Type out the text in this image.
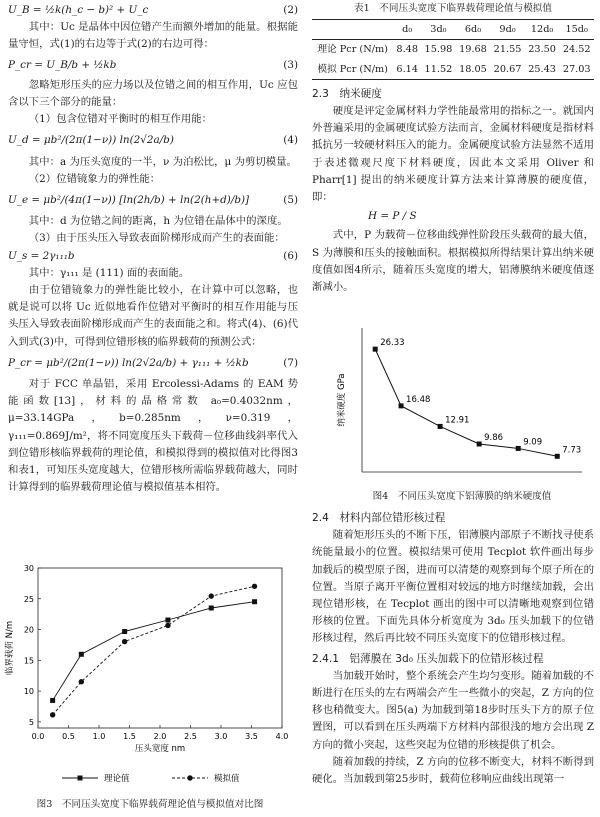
U_B = ½k(h_c − b)² + U_c	(2)

其中：Uc 是晶体中因位错产生而额外增加的能量。根据能量守恒，式(1)的右边等于式(2)的右边可得：

P_cr = U_B/b + ½kb	(3)

忽略矩形压头的应力场以及位错之间的相互作用，Uc 应包含以下三个部分的能量：

（1）包含位错对平衡时的相互作用能：

U_d = μb²/(2π(1−ν)) ln(2√2a/b)	(4)

其中：a 为压头宽度的一半，ν 为泊松比，μ 为剪切模量。

（2）位错镜象力的弹性能：

U_e = μb²/(4π(1−ν)) [ln(2h/b) + ln(2(h+d)/b)]	(5)

其中：d 为位错之间的距离，h 为位错在晶体中的深度。

（3）由于压头压入导致表面阶梯形成而产生的表面能：

U_s = 2γ₁₁₁b	(6)

其中：γ₁₁₁ 是 (111) 面的表面能。

由于位错镜象力的弹性能比较小，在计算中可以忽略，也就是说可以将 Uc 近似地看作位错对平衡时的相互作用能与压头压入导致表面阶梯形成而产生的表面能之和。将式(4)、(6)代入到式(3)中，可得到位错形核的临界载荷的预测公式：

P_cr = μb²/(2π(1−ν)) ln(2√2a/b) + γ₁₁₁ + ½kb	(7)

对于 FCC 单晶铝，采用 Ercolessi-Adams 的 EAM 势能函数[13]，材料的晶格常数 a₀=0.4032nm，μ=33.14GPa，b=0.285nm，ν=0.319，γ₁₁₁=0.869J/m²，将不同宽度压头下载荷－位移曲线斜率代入到位错形核临界载荷的理论值，和模拟得到的模拟值对比得图3和表1，可知压头宽度越大，位错形核所需临界载荷越大，同时计算得到的临界载荷理论值与模拟值基本相符。

0.0 0.5 1.0 1.5 2.0 2.5 3.0 3.5 4.0
5
10
15
20
25
30
压头宽度 nm
临界载荷 N/m
理论值	模拟值
图3　不同压头宽度下临界载荷理论值与模拟值对比图
表1　不同压头宽度下临界载荷理论值与模拟值
	d₀	3d₀	6d₀	9d₀	12d₀	15d₀
理论 Pcr (N/m)	8.48	15.98	19.68	21.55	23.50	24.52
模拟 Pcr (N/m)	6.14	11.52	18.05	20.67	25.43	27.03
2.3　纳米硬度

硬度是评定金属材料力学性能最常用的指标之一。就国内外普遍采用的金属硬度试验方法而言，金属材料硬度是指材料抵抗另一较硬材料压入的能力。金属硬度试验方法显然不适用于表述微观尺度下材料硬度，因此本文采用 Oliver 和 Pharr[1] 提出的纳米硬度计算方法来计算薄膜的硬度值，即：

H = P / S

式中，P 为载荷－位移曲线弹性阶段压头载荷的最大值，S 为薄膜和压头的接触面积。根据模拟所得结果计算出纳米硬度值如图4所示，随着压头宽度的增大，铝薄膜纳米硬度值逐渐减小。

纳米硬度 GPa
26.33
16.48
12.91
9.86 9.09
7.73
图4　不同压头宽度下铝薄膜的纳米硬度值
2.4　材料内部位错形核过程

随着矩形压头的不断下压，铝薄膜内部原子不断找寻使系统能量最小的位置。模拟结果可使用 Tecplot 软件画出每步加载后的模型原子图，进而可以清楚的观察到每个原子所在的位置。当原子离开平衡位置相对较远的地方时继续加载，会出现位错形核，在 Tecplot 画出的图中可以清晰地观察到位错形核的位置。下面先具体分析宽度为 3d₀ 压头加载下的位错形核过程，然后再比较不同压头宽度下的位错形核过程。

2.4.1　铝薄膜在 3d₀ 压头加载下的位错形核过程

当加载开始时，整个系统会产生均匀变形。随着加载的不断进行在压头的左右两端会产生一些微小的突起，Z 方向的位移也稍微变大。图5(a) 为加载到第18步时压头下方的原子位置图，可以看到在压头两端下方材料内部很浅的地方会出现 Z 方向的微小突起，这些突起为位错的形核提供了机会。

随着加载的持续，Z 方向的位移不断变大，材料不断得到硬化。当加载到第25步时，载荷位移响应曲线出现第一
